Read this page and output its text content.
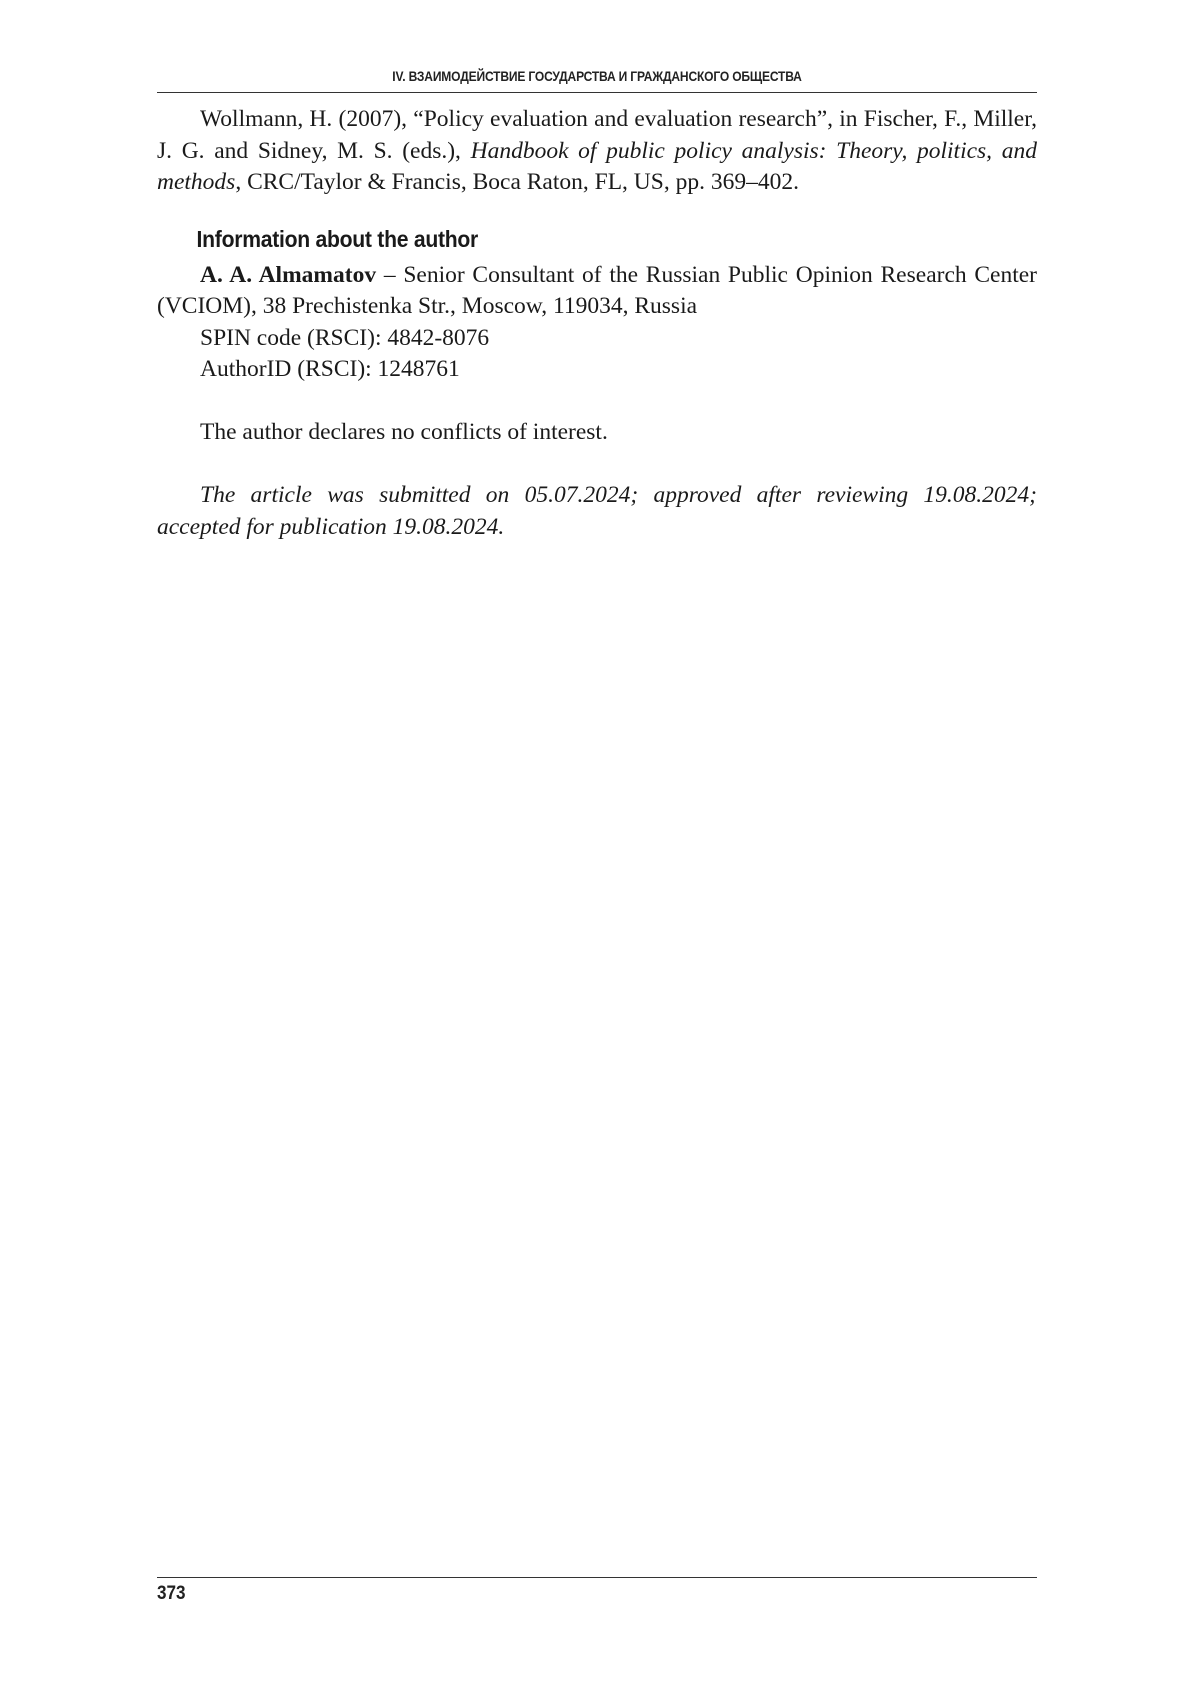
IV. ВЗАИМОДЕЙСТВИЕ ГОСУДАРСТВА И ГРАЖДАНСКОГО ОБЩЕСТВА

Wollmann, H. (2007), “Policy evaluation and evaluation research”, in Fischer, F., Miller, J. G. and Sidney, M. S. (eds.), Handbook of public policy analysis: Theory, politics, and methods, CRC/Taylor & Francis, Boca Raton, FL, US, pp. 369–402.

Information about the author

A. A. Almamatov – Senior Consultant of the Russian Public Opinion Research Center (VCIOM), 38 Prechistenka Str., Moscow, 119034, Russia

SPIN code (RSCI): 4842-8076

AuthorID (RSCI): 1248761

The author declares no conflicts of interest.

The article was submitted on 05.07.2024; approved after reviewing 19.08.2024; accepted for publication 19.08.2024.

373
